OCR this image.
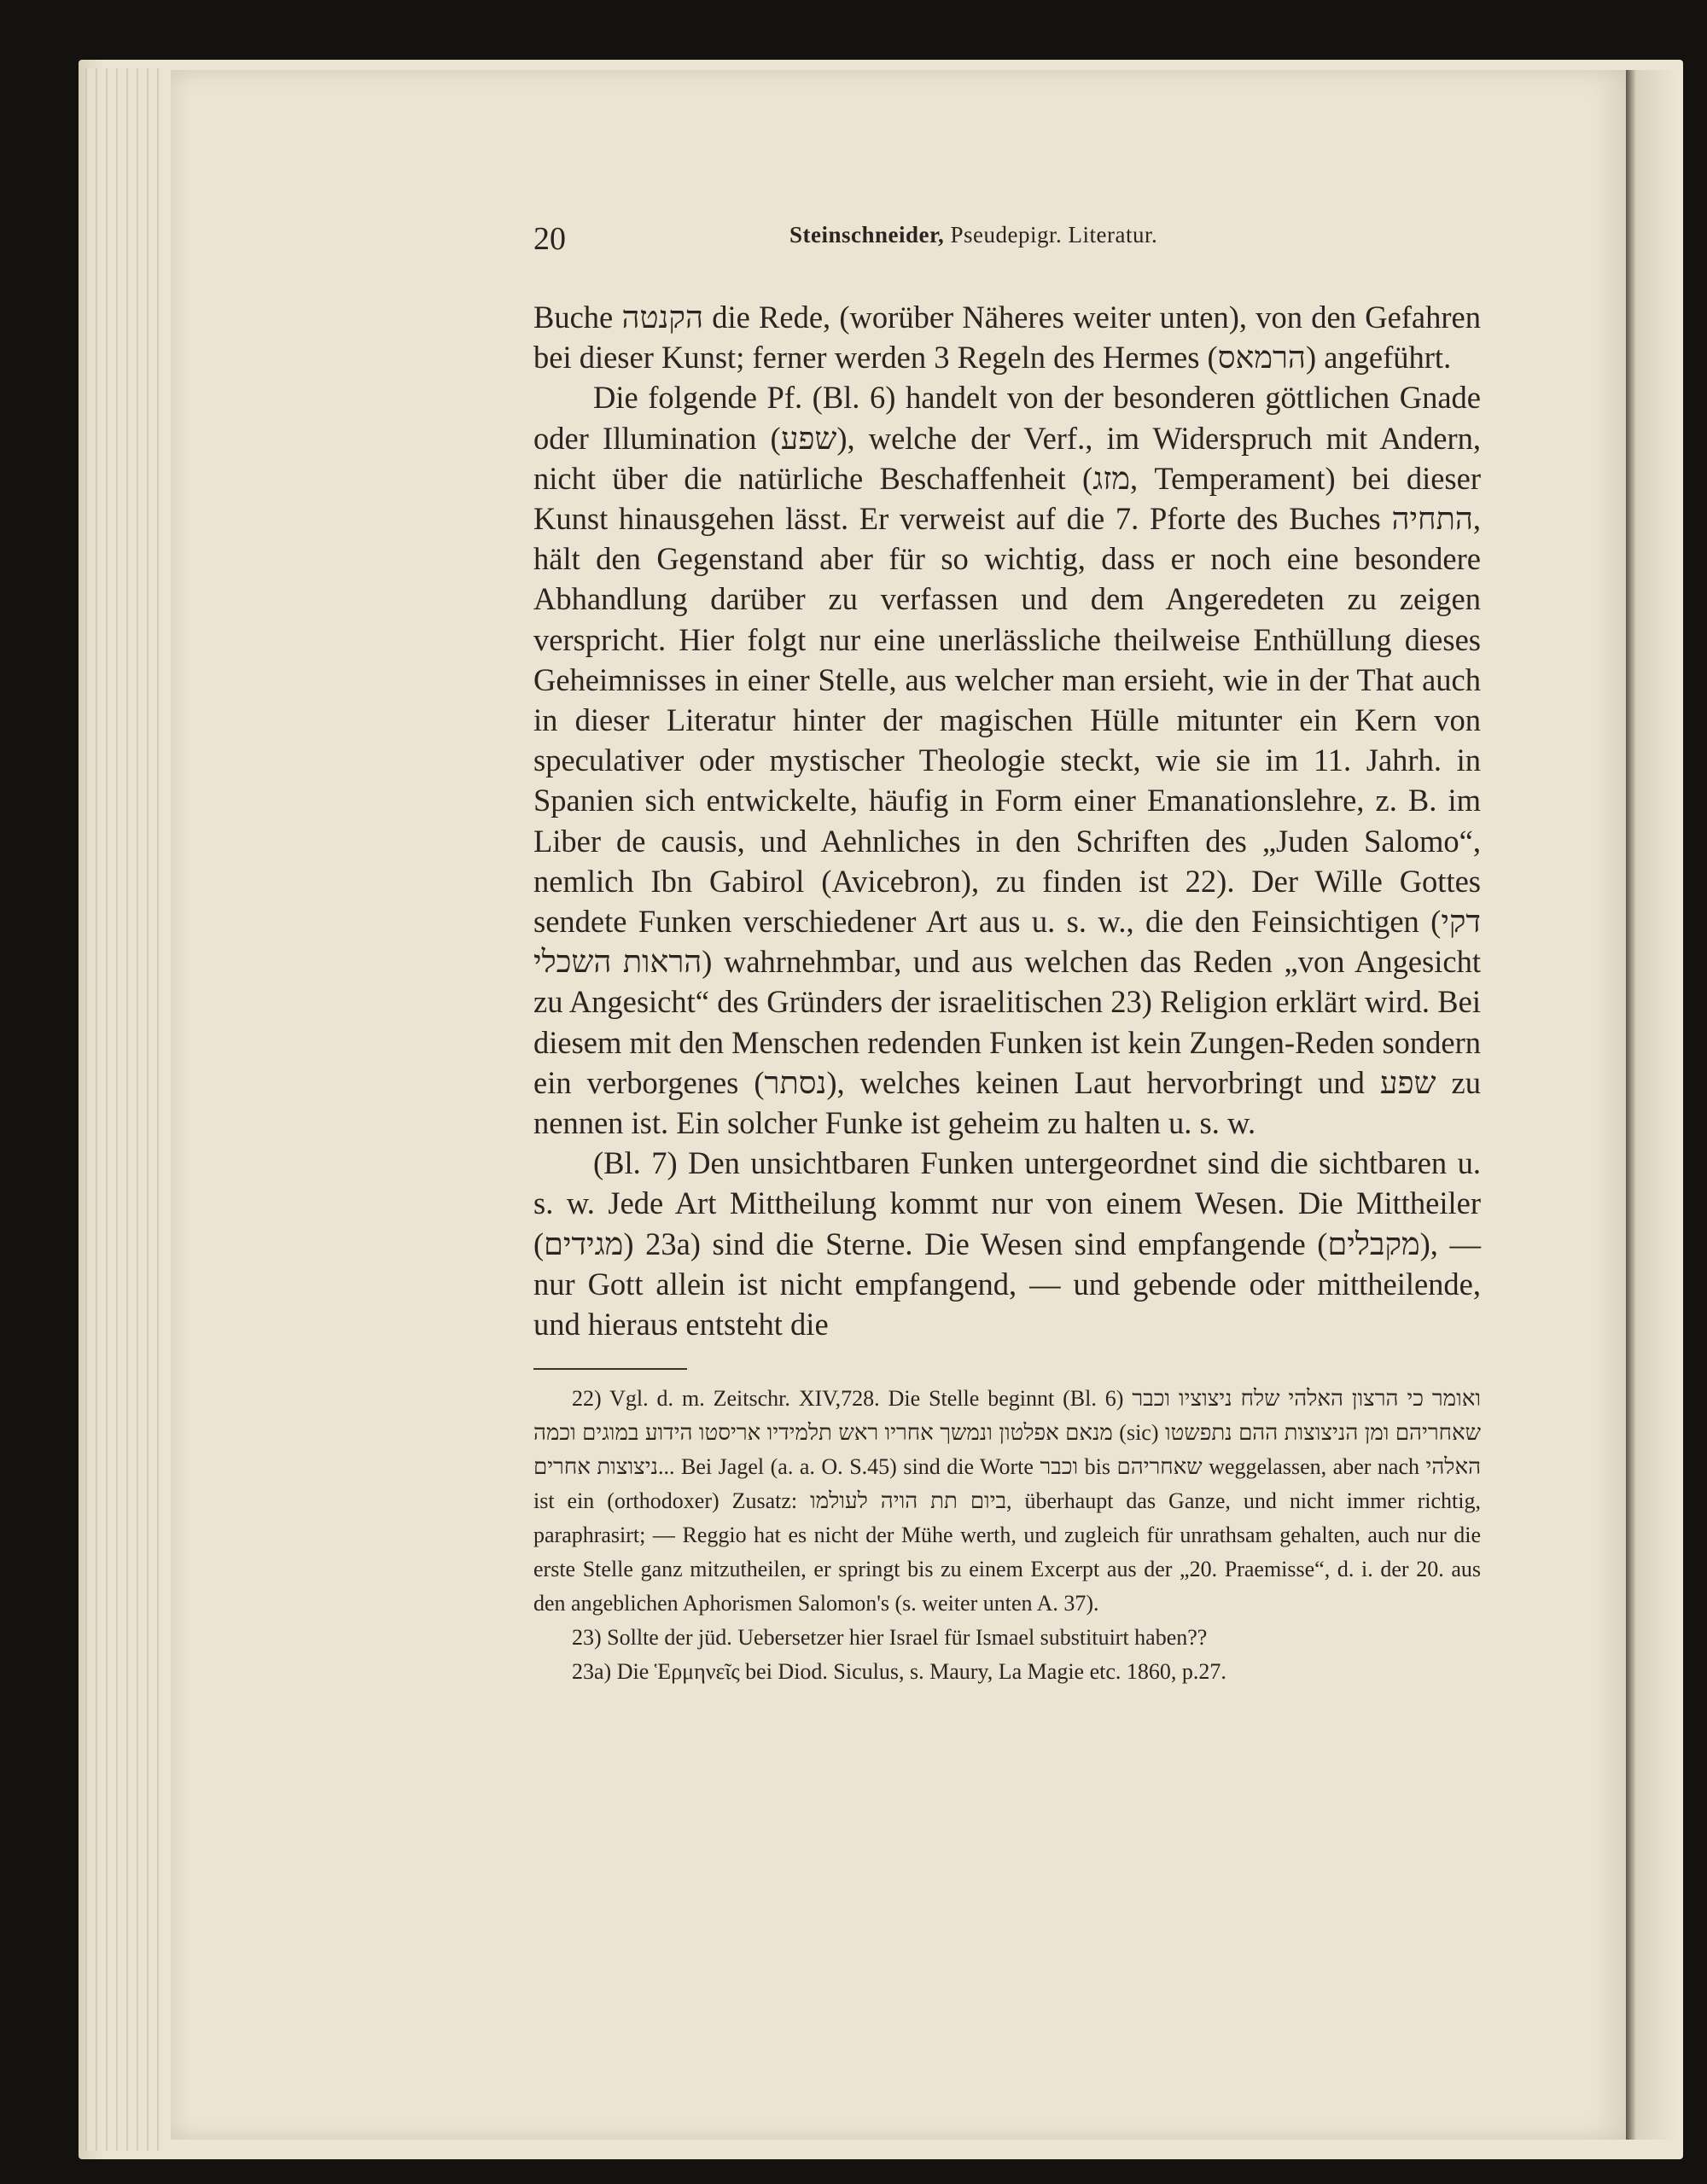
20	Steinschneider, Pseudepigr. Literatur.

Buche הקנטה die Rede, (worüber Näheres weiter unten), von den Gefahren bei dieser Kunst; ferner werden 3 Regeln des Hermes (הרמאס) angeführt.

Die folgende Pf. (Bl. 6) handelt von der besonderen göttlichen Gnade oder Illumination (שפע), welche der Verf., im Widerspruch mit Andern, nicht über die natürliche Beschaffenheit (מזג, Temperament) bei dieser Kunst hinausgehen lässt. Er verweist auf die 7. Pforte des Buches התחיה, hält den Gegenstand aber für so wichtig, dass er noch eine besondere Abhandlung darüber zu verfassen und dem Angeredeten zu zeigen verspricht. Hier folgt nur eine unerlässliche theilweise Enthüllung dieses Geheimnisses in einer Stelle, aus welcher man ersieht, wie in der That auch in dieser Literatur hinter der magischen Hülle mitunter ein Kern von speculativer oder mystischer Theologie steckt, wie sie im 11. Jahrh. in Spanien sich entwickelte, häufig in Form einer Emanationslehre, z. B. im Liber de causis, und Aehnliches in den Schriften des „Juden Salomo“, nemlich Ibn Gabirol (Avicebron), zu finden ist 22). Der Wille Gottes sendete Funken verschiedener Art aus u. s. w., die den Feinsichtigen (דקי הראות השכלי) wahrnehmbar, und aus welchen das Reden „von Angesicht zu Angesicht“ des Gründers der israelitischen 23) Religion erklärt wird. Bei diesem mit den Menschen redenden Funken ist kein Zungen-Reden sondern ein verborgenes (נסתר), welches keinen Laut hervorbringt und שפע zu nennen ist. Ein solcher Funke ist geheim zu halten u. s. w.

(Bl. 7) Den unsichtbaren Funken untergeordnet sind die sichtbaren u. s. w. Jede Art Mittheilung kommt nur von einem Wesen. Die Mittheiler (מגידים) 23a) sind die Sterne. Die Wesen sind empfangende (מקבלים), — nur Gott allein ist nicht empfangend, — und gebende oder mittheilende, und hieraus entsteht die

22) Vgl. d. m. Zeitschr. XIV,728. Die Stelle beginnt (Bl. 6) ואומר כי הרצון האלהי שלח ניצוציו וכבר מנאם אפלטון ונמשך אחריו ראש תלמידיו אריסטו הידוע במוגים וכמה (sic) שאחריהם ומן הניצוצות ההם נתפשטו ניצוצות אחרים... Bei Jagel (a. a. O. S.45) sind die Worte וכבר bis שאחריהם weggelassen, aber nach האלהי ist ein (orthodoxer) Zusatz: ביום תת הויה לעולמו, überhaupt das Ganze, und nicht immer richtig, paraphrasirt; — Reggio hat es nicht der Mühe werth, und zugleich für unrathsam gehalten, auch nur die erste Stelle ganz mitzutheilen, er springt bis zu einem Excerpt aus der „20. Praemisse“, d. i. der 20. aus den angeblichen Aphorismen Salomon's (s. weiter unten A. 37).

23) Sollte der jüd. Uebersetzer hier Israel für Ismael substituirt haben??

23a) Die Ἑρμηνεῖς bei Diod. Siculus, s. Maury, La Magie etc. 1860, p.27.
